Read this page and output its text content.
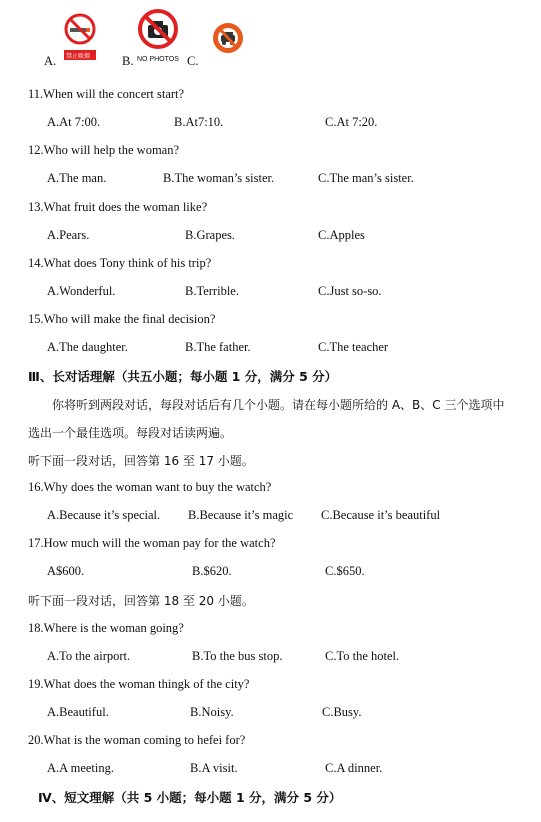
禁止吸烟
A.	B. NO PHOTOS C.
11.When will the concert start?
A.At 7:00.	B.At7:10.	C.At 7:20.
12.Who will help the woman?
A.The man.	B.The woman’s sister.	C.The man’s sister.
13.What fruit does the woman like?
A.Pears.	B.Grapes.	C.Apples
14.What does Tony think of his trip?
A.Wonderful.	B.Terrible.	C.Just so-so.
15.Who will make the final decision?
A.The daughter.	B.The father.	C.The teacher
Ⅲ、长对话理解（共五小题；每小题 1 分，满分 5 分）
你将听到两段对话，每段对话后有几个小题。请在每小题所给的 A、B、C 三个选项中
选出一个最佳选项。每段对话读两遍。
听下面一段对话，回答第 16 至 17 小题。
16.Why does the woman want to buy the watch?
A.Because it’s special. B.Because it’s magic C.Because it’s beautiful
17.How much will the woman pay for the watch?
A$600.	B.$620.	C.$650.
听下面一段对话，回答第 18 至 20 小题。
18.Where is the woman going?
A.To the airport.	B.To the bus stop.	C.To the hotel.
19.What does the woman thingk of the city?
A.Beautiful.	B.Noisy.	C.Busy.
20.What is the woman coming to hefei for?
A.A meeting.	B.A visit.	C.A dinner.
Ⅳ、短文理解（共 5 小题；每小题 1 分，满分 5 分）
